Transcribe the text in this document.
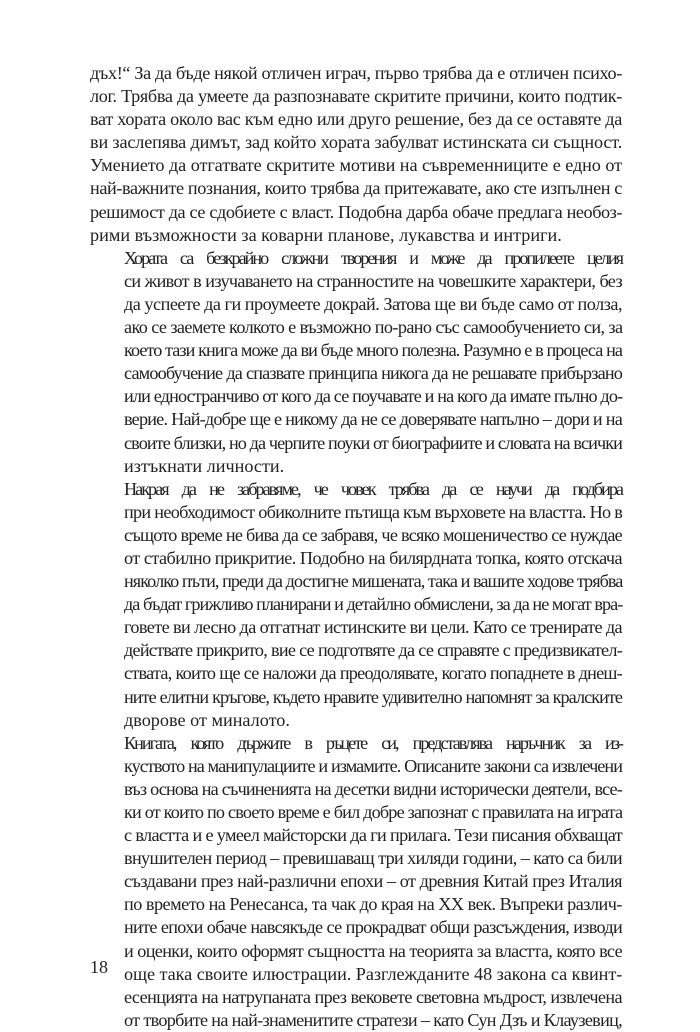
дъх!“ За да бъде някой отличен играч, първо трябва да е отличен психо-
лог. Трябва да умеете да разпознавате скритите причини, които подтик-
ват хората около вас към едно или друго решение, без да се оставяте да
ви заслепява димът, зад който хората забулват истинската си същност.
Умението да отгатвате скритите мотиви на съвременниците е едно от
най-важните познания, които трябва да притежавате, ако сте изпълнен с
решимост да се сдобиете с власт. Подобна дарба обаче предлага необоз-
рими възможности за коварни планове, лукавства и интриги.

Хората са безкрайно сложни творения и може да пропилеете целия
си живот в изучаването на странностите на човешките характери, без
да успеете да ги проумеете докрай. Затова ще ви бъде само от полза,
ако се заемете колкото е възможно по-рано със самообучението си, за
което тази книга може да ви бъде много полезна. Разумно е в процеса на
самообучение да спазвате принципа никога да не решавате прибързано
или едностранчиво от кого да се поучавате и на кого да имате пълно до-
верие. Най-добре ще е никому да не се доверявате напълно – дори и на
своите близки, но да черпите поуки от биографиите и словата на всички
изтъкнати личности.

Накрая да не забравяме, че човек трябва да се научи да подбира
при необходимост обиколните пътища към върховете на властта. Но в
същото време не бива да се забравя, че всяко мошеничество се нуждае
от стабилно прикритие. Подобно на билярдната топка, която отскача
няколко пъти, преди да достигне мишената, така и вашите ходове трябва
да бъдат грижливо планирани и детайлно обмислени, за да не могат вра-
говете ви лесно да отгатнат истинските ви цели. Като се тренирате да
действате прикрито, вие се подготвяте да се справяте с предизвикател-
ствата, които ще се наложи да преодолявате, когато попаднете в днеш-
ните елитни кръгове, където нравите удивително напомнят за кралските
дворове от миналото.

Книгата, която държите в ръцете си, представлява наръчник за из-
куството на манипулациите и измамите. Описаните закони са извлечени
въз основа на съчиненията на десетки видни исторически деятели, все-
ки от които по своето време е бил добре запознат с правилата на играта
с властта и е умеел майсторски да ги прилага. Тези писания обхващат
внушителен период – превишаващ три хиляди години, – като са били
създавани през най-различни епохи – от древния Китай през Италия
по времето на Ренесанса, та чак до края на XX век. Въпреки различ-
ните епохи обаче навсякъде се прокрадват общи разсъждения, изводи
и оценки, които оформят същността на теорията за властта, която все
още така своите илюстрации. Разглежданите 48 закона са квинт-
есенцията на натрупаната през вековете световна мъдрост, извлечена
от творбите на най-знаменитите стратези – като Сун Дзъ и Клаузевиц,

18
